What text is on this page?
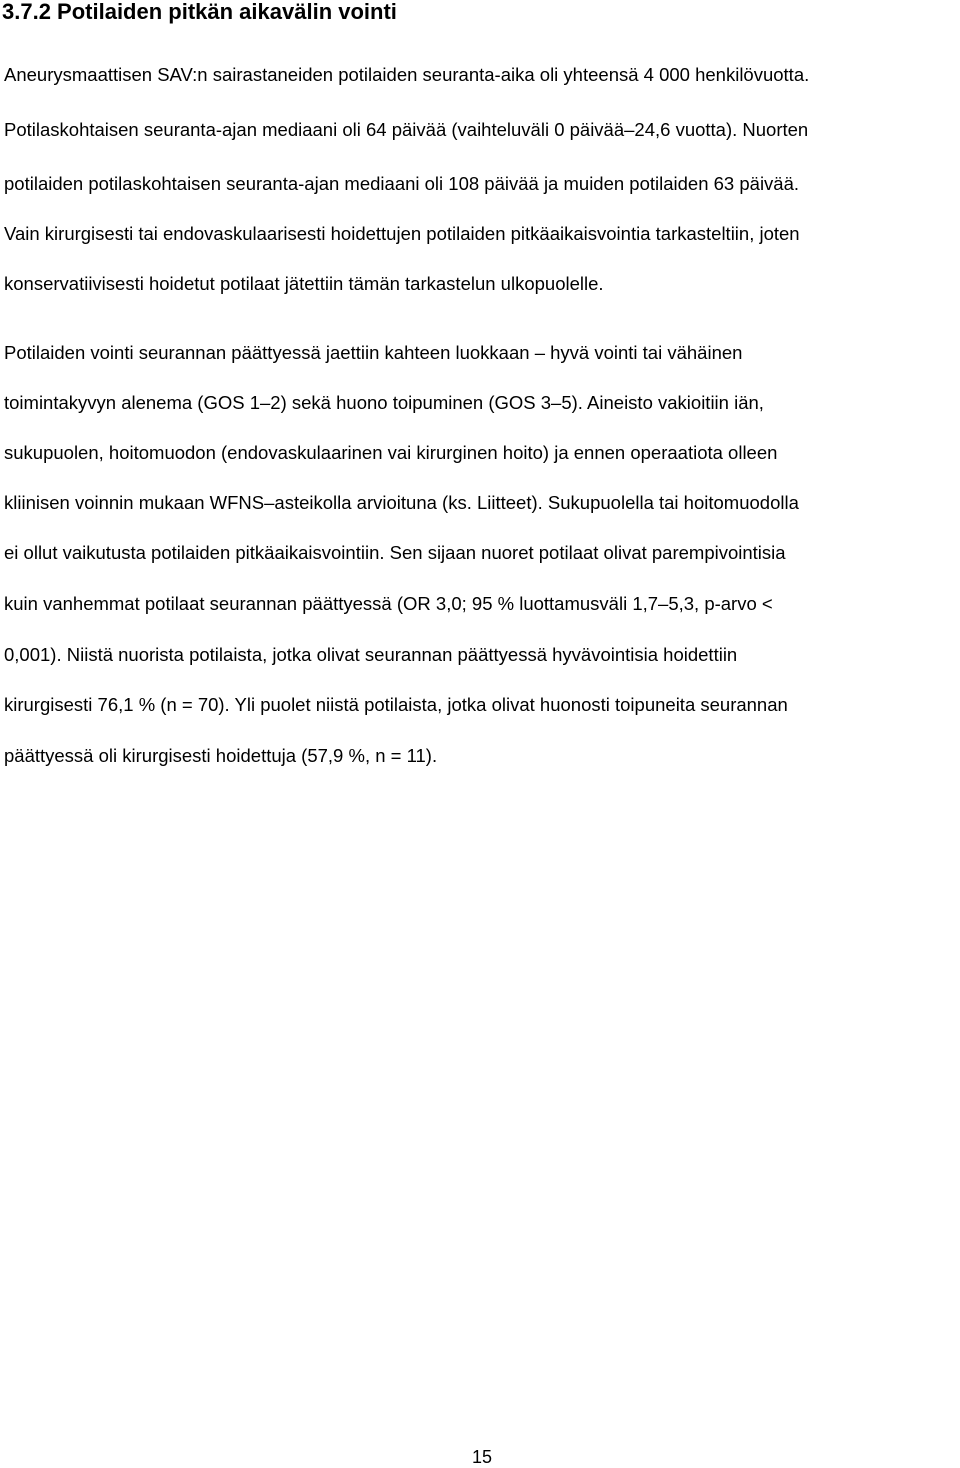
3.7.2 Potilaiden pitkän aikavälin vointi

Aneurysmaattisen SAV:n sairastaneiden potilaiden seuranta-aika oli yhteensä 4 000 henkilövuotta.

Potilaskohtaisen seuranta-ajan mediaani oli 64 päivää (vaihteluväli 0 päivää–24,6 vuotta). Nuorten

potilaiden potilaskohtaisen seuranta-ajan mediaani oli 108 päivää ja muiden potilaiden 63 päivää.

Vain kirurgisesti tai endovaskulaarisesti hoidettujen potilaiden pitkäaikaisvointia tarkasteltiin, joten

konservatiivisesti hoidetut potilaat jätettiin tämän tarkastelun ulkopuolelle.

Potilaiden vointi seurannan päättyessä jaettiin kahteen luokkaan – hyvä vointi tai vähäinen

toimintakyvyn alenema (GOS 1–2) sekä huono toipuminen (GOS 3–5). Aineisto vakioitiin iän,

sukupuolen, hoitomuodon (endovaskulaarinen vai kirurginen hoito) ja ennen operaatiota olleen

kliinisen voinnin mukaan WFNS–asteikolla arvioituna (ks. Liitteet). Sukupuolella tai hoitomuodolla

ei ollut vaikutusta potilaiden pitkäaikaisvointiin. Sen sijaan nuoret potilaat olivat parempivointisia

kuin vanhemmat potilaat seurannan päättyessä (OR 3,0; 95 % luottamusväli 1,7–5,3, p-arvo <

0,001). Niistä nuorista potilaista, jotka olivat seurannan päättyessä hyvävointisia hoidettiin

kirurgisesti 76,1 % (n = 70). Yli puolet niistä potilaista, jotka olivat huonosti toipuneita seurannan

päättyessä oli kirurgisesti hoidettuja (57,9 %, n = 11).

15
